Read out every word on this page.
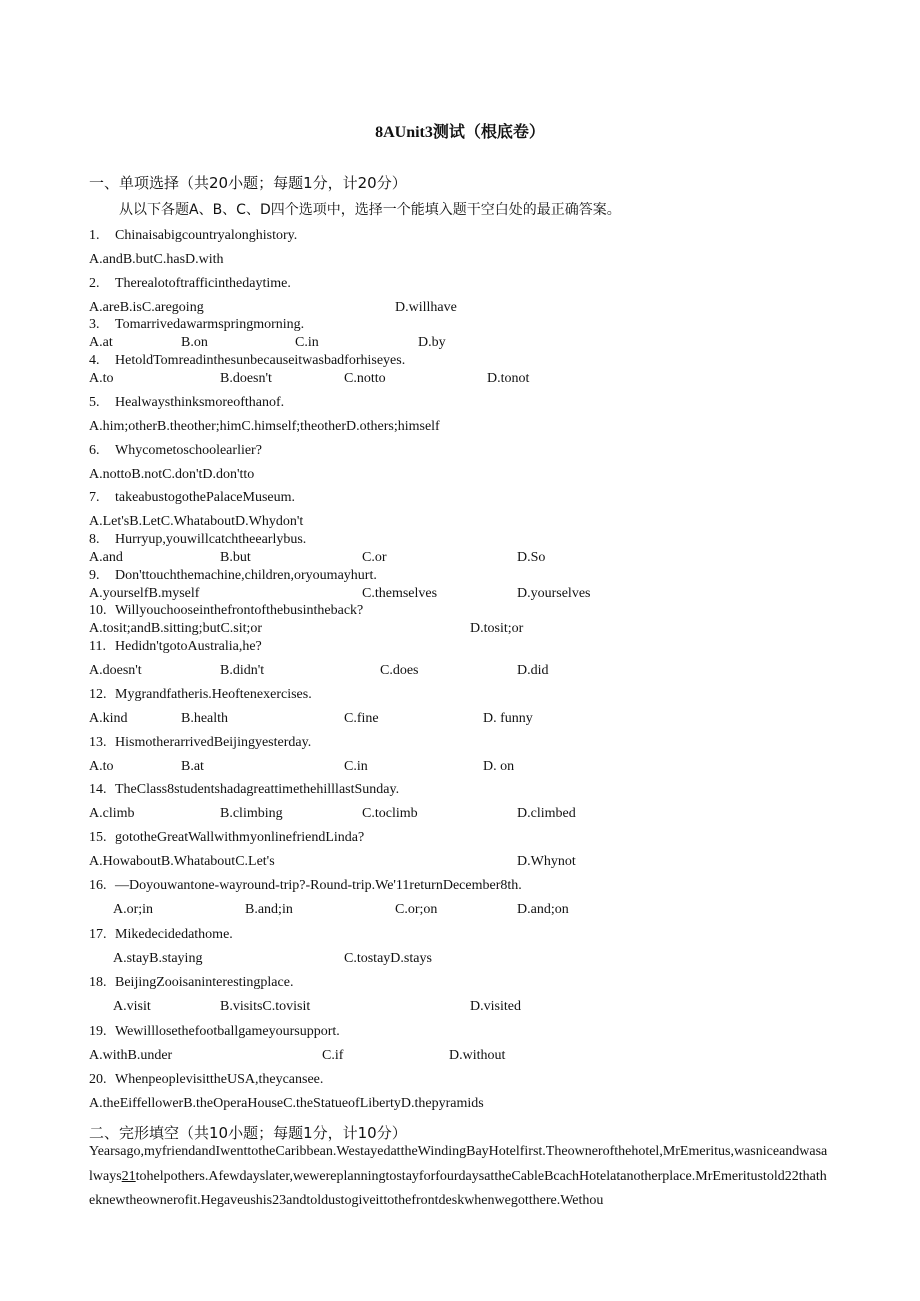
8AUnit3测试（根底卷）
一、单项选择（共20小题；每题1分，计20分）
从以下各题A、B、C、D四个选项中，选择一个能填入题干空白处的最正确答案。
1. Chinaisabigcountryalonghistory.
A.andB.butC.hasD.with
2. Therealotoftrafficinthedaytime.
A.areB.isC.aregoing	D.willhave
3. Tomarrivedawarmspringmorning.
A.at	B.on	C.in	D.by
4. HetoldTomreadinthesunbecauseitwasbadforhiseyes.
A.to	B.doesn't	C.notto	D.tonot
5. Healwaysthinksmoreofthanof.
A.him;otherB.theother;himC.himself;theotherD.others;himself
6. Whycometoschoolearlier?
A.nottoB.notC.don'tD.don'tto
7. takeabustogothePalaceMuseum.
A.Let'sB.LetC.WhataboutD.Whydon't
8. Hurryup,youwillcatchtheearlybus.
A.and	B.but	C.or	D.So
9. Don'ttouchthemachine,children,oryoumayhurt.
A.yourselfB.myself	C.themselves	D.yourselves
10. Willyouchooseinthefrontofthebusintheback?
A.tosit;andB.sitting;butC.sit;or	D.tosit;or
11. Hedidn'tgotoAustralia,he?
A.doesn't	B.didn't	C.does	D.did
12. Mygrandfatheris.Heoftenexercises.
A.kind	B.health	C.fine	D. funny
13. HismotherarrivedBeijingyesterday.
A.to	B.at	C.in	D. on
14. TheClass8studentshadagreattimethehilllastSunday.
A.climb	B.climbing	C.toclimb	D.climbed
15. gototheGreatWallwithmyonlinefriendLinda?
A.HowaboutB.WhataboutC.Let's	D.Whynot
16. —Doyouwantone-wayround-trip?-Round-trip.We'11returnDecember8th.
A.or;in	B.and;in	C.or;on	D.and;on
17. Mikedecidedathome.
A.stayB.staying	C.tostayD.stays
18. BeijingZooisaninterestingplace.
A.visit	B.visitsC.tovisit	D.visited
19. Wewilllosethefootballgameyoursupport.
A.withB.under	C.if	D.without
20. WhenpeoplevisittheUSA,theycansee.
A.theEiffellowerB.theOperaHouseC.theStatueofLibertyD.thepyramids
二、完形填空（共10小题；每题1分，计10分）
Yearsago,myfriendandIwenttotheCaribbean.WestayedattheWindingBayHotelfirst.Theownerofthehotel,MrEmeritus,wasniceandwasalways21tohelpothers.Afewdayslater,wewereplanningtostayforfourdaysattheCableBcachHotelatanotherplace.MrEmeritustold22thatheknewtheownerofit.Hegaveushis23andtoldustogiveittothefrontdeskwhenwegotthere.Wethou
